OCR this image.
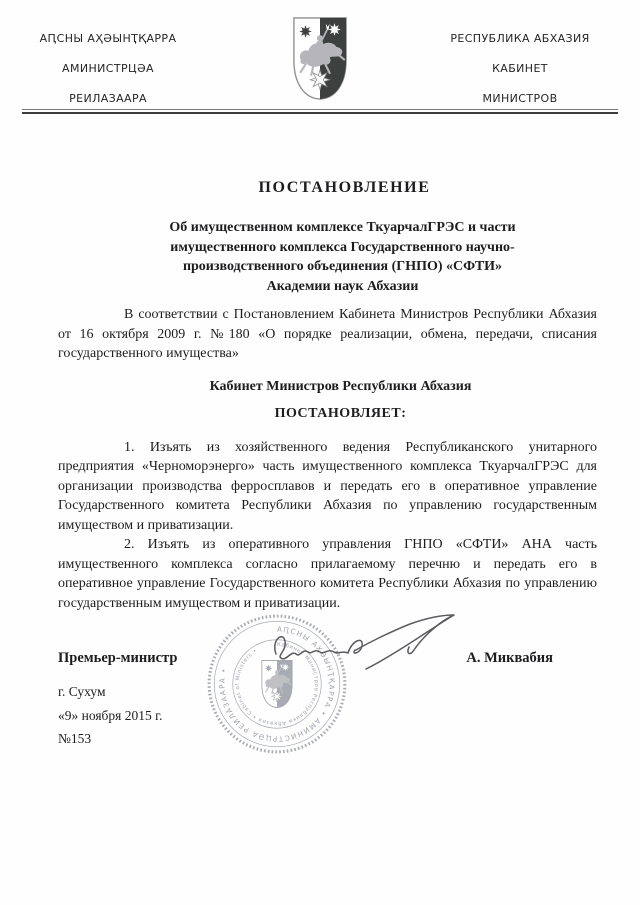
АԤСНЫ АҲӘЫНҬҚАРРА
АМИНИСТРЦӘА
РЕИЛАЗААРА
РЕСПУБЛИКА АБХАЗИЯ
КАБИНЕТ
МИНИСТРОВ
ПОСТАНОВЛЕНИЕ
Об имущественном комплексе ТкуарчалГРЭС и части
имущественного комплекса Государственного научно-
производственного объединения (ГНПО) «СФТИ»
Академии наук Абхазии

В соответствии с Постановлением Кабинета Министров Республики Абхазия от 16 октября 2009 г. №180 «О порядке реализации, обмена, передачи, списания государственного имущества»

Кабинет Министров Республики Абхазия
ПОСТАНОВЛЯЕТ:

1. Изъять из хозяйственного ведения Республиканского унитарного предприятия «Черноморэнерго» часть имущественного комплекса ТкуарчалГРЭС для организации производства ферросплавов и передать его в оперативное управление Государственного комитета Республики Абхазия по управлению государственным имуществом и приватизации.

2. Изъять из оперативного управления ГНПО «СФТИ» АНА часть имущественного комплекса согласно прилагаемому перечню и передать его в оперативное управление Государственного комитета Республики Абхазия по управлению государственным имуществом и приватизации.

АԤСНЫ АҲӘЫНҬҚАРРА • АМИНИСТРЦӘА РЕИЛАЗААРА •
Кабинет Министров Республики Абхазия • Cabinet of Ministers •
Премьер-министр	А. Миквабия
г. Сухум
«9» ноября 2015 г.
№153
